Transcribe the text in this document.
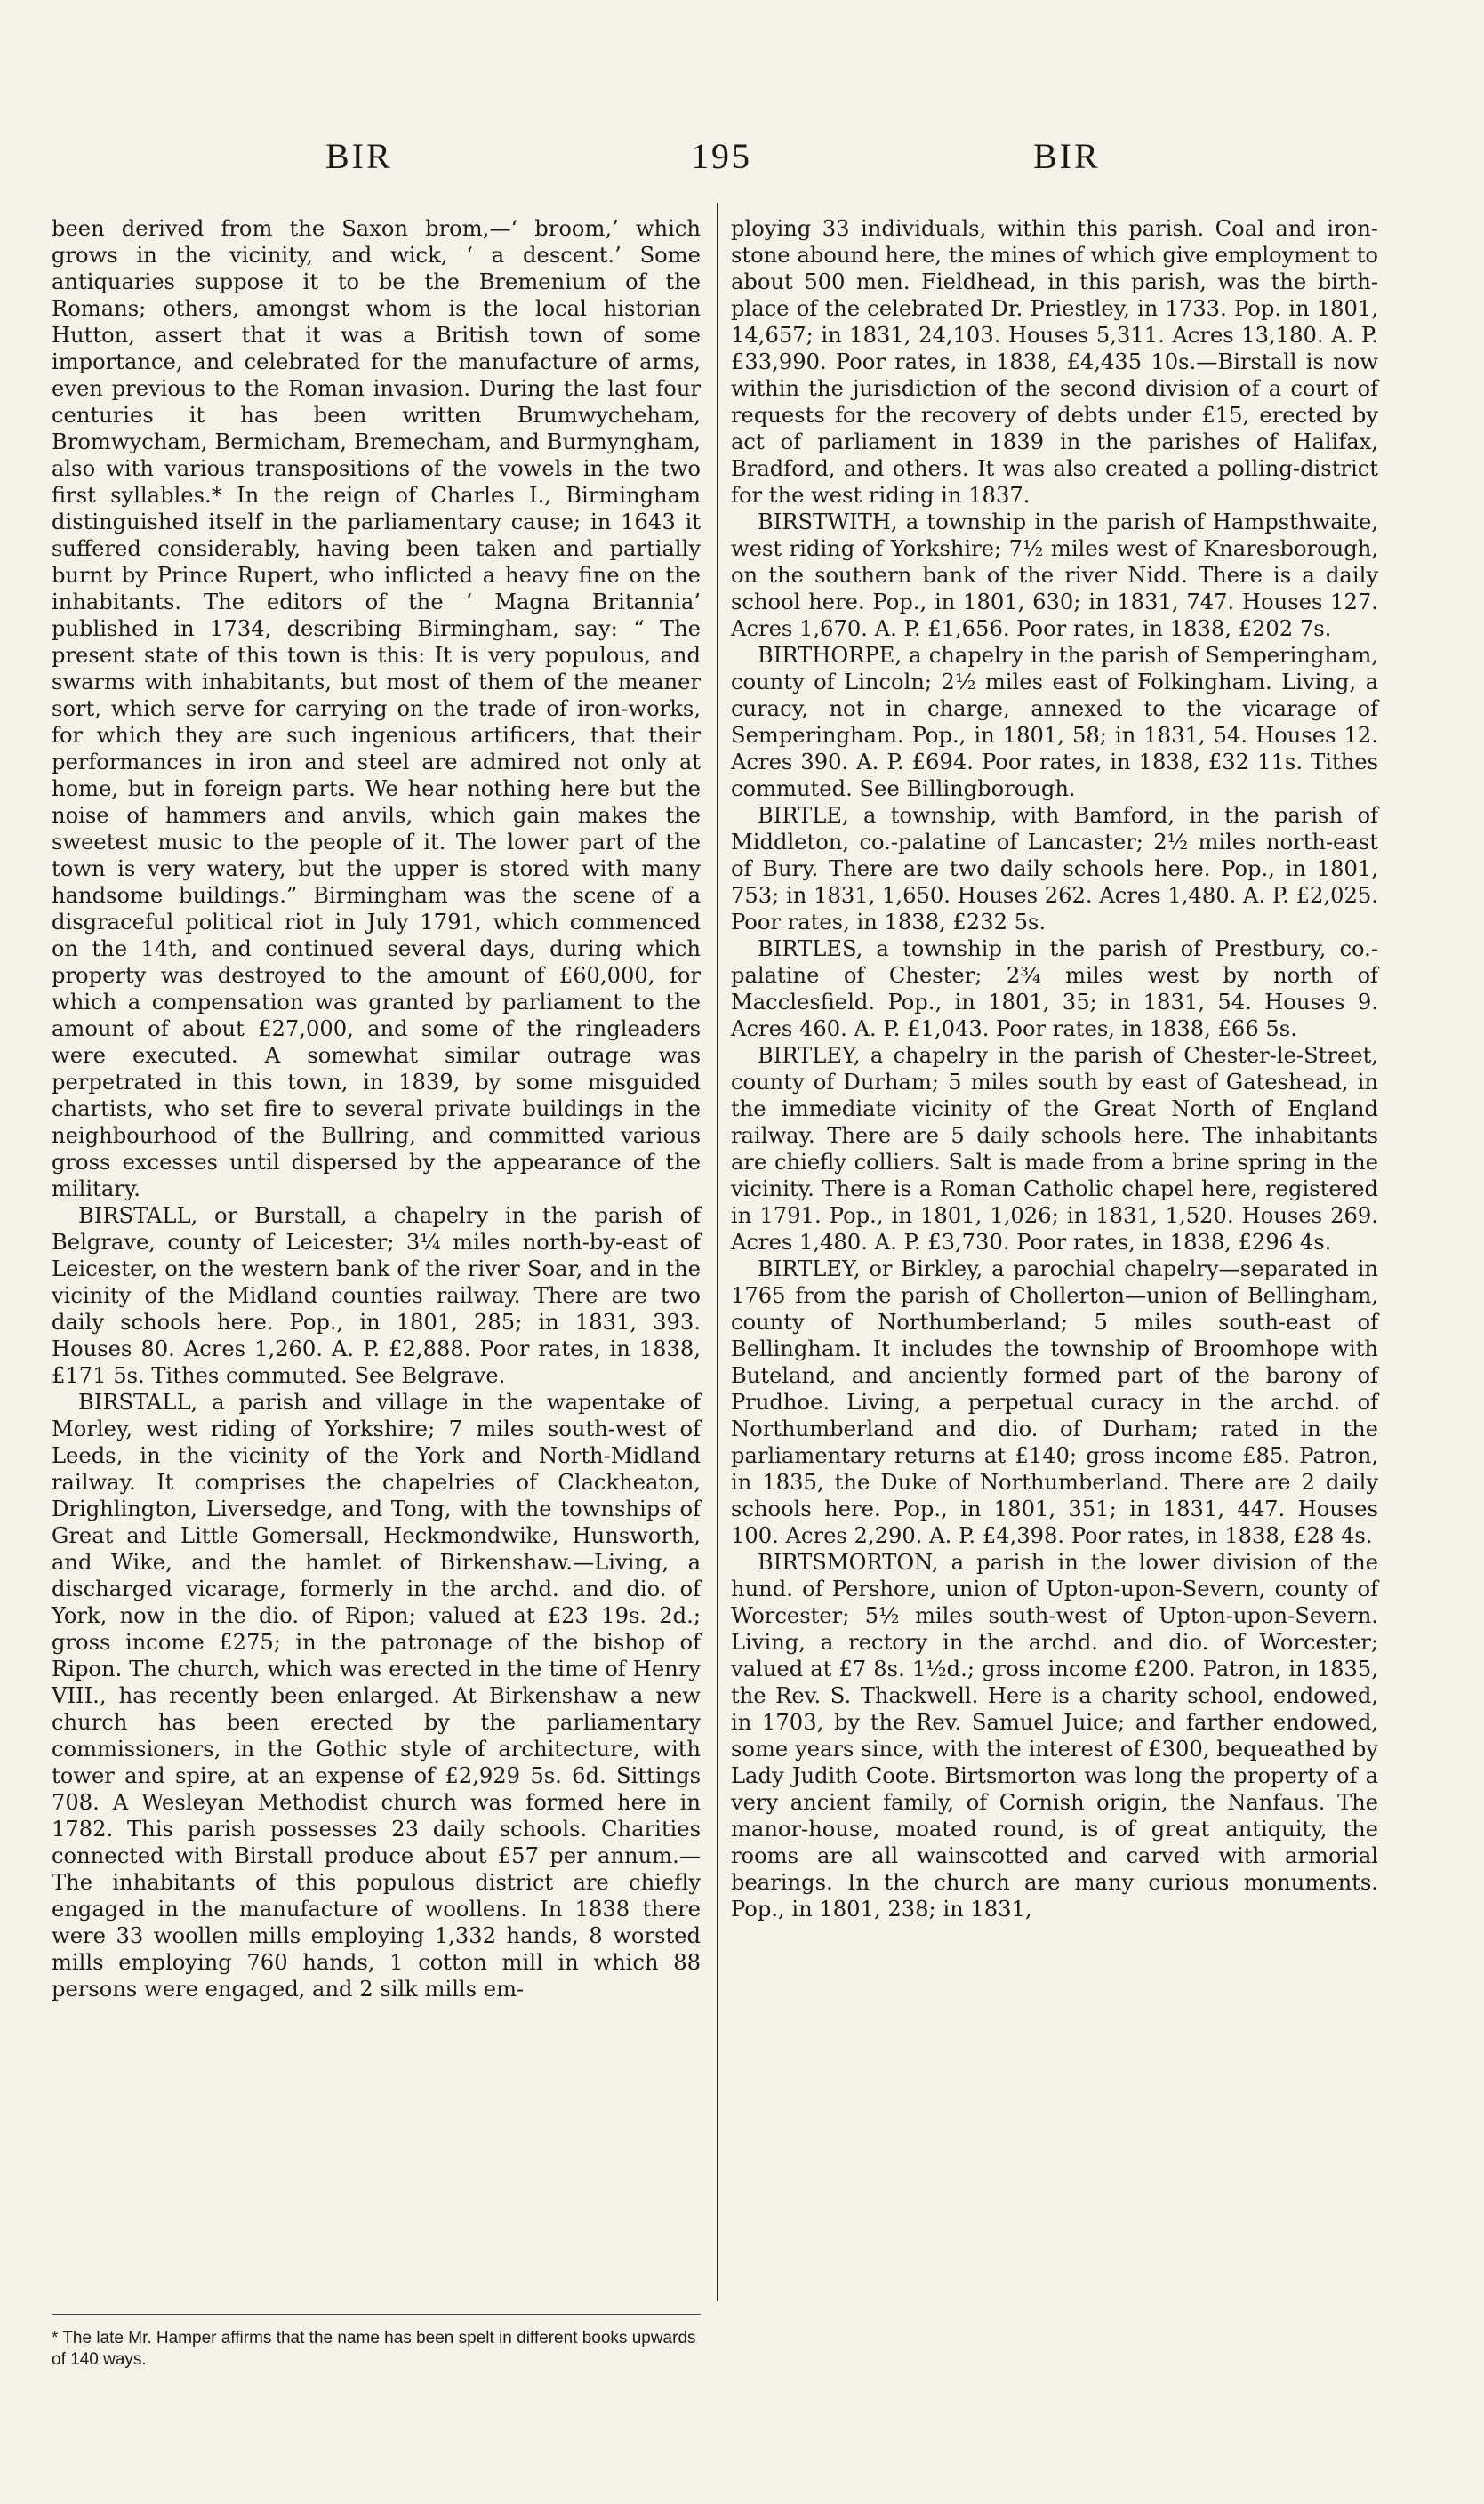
BIR	195	BIR

been derived from the Saxon brom,—‘ broom,’ which grows in the vicinity, and wick, ‘ a descent.’ Some antiquaries suppose it to be the Bremenium of the Romans; others, amongst whom is the local historian Hutton, assert that it was a British town of some importance, and celebrated for the manufacture of arms, even previous to the Roman invasion. During the last four centuries it has been written Brumwycheham, Bromwycham, Bermicham, Bremecham, and Burmyngham, also with various transpositions of the vowels in the two first syllables.* In the reign of Charles I., Birmingham distinguished itself in the parliamentary cause; in 1643 it suffered considerably, having been taken and partially burnt by Prince Rupert, who inflicted a heavy fine on the inhabitants. The editors of the ‘ Magna Britannia’ published in 1734, describing Birmingham, say: “ The present state of this town is this: It is very populous, and swarms with inhabitants, but most of them of the meaner sort, which serve for carrying on the trade of iron-works, for which they are such ingenious artificers, that their performances in iron and steel are admired not only at home, but in foreign parts. We hear nothing here but the noise of hammers and anvils, which gain makes the sweetest music to the people of it. The lower part of the town is very watery, but the upper is stored with many handsome buildings.” Birmingham was the scene of a disgraceful political riot in July 1791, which commenced on the 14th, and continued several days, during which property was destroyed to the amount of £60,000, for which a compensation was granted by parliament to the amount of about £27,000, and some of the ringleaders were executed. A somewhat similar outrage was perpetrated in this town, in 1839, by some misguided chartists, who set fire to several private buildings in the neighbourhood of the Bullring, and committed various gross excesses until dispersed by the appearance of the military.

BIRSTALL, or Burstall, a chapelry in the parish of Belgrave, county of Leicester; 3¼ miles north-by-east of Leicester, on the western bank of the river Soar, and in the vicinity of the Midland counties railway. There are two daily schools here. Pop., in 1801, 285; in 1831, 393. Houses 80. Acres 1,260. A. P. £2,888. Poor rates, in 1838, £171 5s. Tithes commuted. See Belgrave.

BIRSTALL, a parish and village in the wapentake of Morley, west riding of Yorkshire; 7 miles south-west of Leeds, in the vicinity of the York and North-Midland railway. It comprises the chapelries of Clackheaton, Drighlington, Liversedge, and Tong, with the townships of Great and Little Gomersall, Heckmondwike, Hunsworth, and Wike, and the hamlet of Birkenshaw.—Living, a discharged vicarage, formerly in the archd. and dio. of York, now in the dio. of Ripon; valued at £23 19s. 2d.; gross income £275; in the patronage of the bishop of Ripon. The church, which was erected in the time of Henry VIII., has recently been enlarged. At Birkenshaw a new church has been erected by the parliamentary commissioners, in the Gothic style of architecture, with tower and spire, at an expense of £2,929 5s. 6d. Sittings 708. A Wesleyan Methodist church was formed here in 1782. This parish possesses 23 daily schools. Charities connected with Birstall produce about £57 per annum.—The inhabitants of this populous district are chiefly engaged in the manufacture of woollens. In 1838 there were 33 woollen mills employing 1,332 hands, 8 worsted mills employing 760 hands, 1 cotton mill in which 88 persons were engaged, and 2 silk mills em-

ploying 33 individuals, within this parish. Coal and iron-stone abound here, the mines of which give employment to about 500 men. Fieldhead, in this parish, was the birth-place of the celebrated Dr. Priestley, in 1733. Pop. in 1801, 14,657; in 1831, 24,103. Houses 5,311. Acres 13,180. A. P. £33,990. Poor rates, in 1838, £4,435 10s.—Birstall is now within the jurisdiction of the second division of a court of requests for the recovery of debts under £15, erected by act of parliament in 1839 in the parishes of Halifax, Bradford, and others. It was also created a polling-district for the west riding in 1837.

BIRSTWITH, a township in the parish of Hampsthwaite, west riding of Yorkshire; 7½ miles west of Knaresborough, on the southern bank of the river Nidd. There is a daily school here. Pop., in 1801, 630; in 1831, 747. Houses 127. Acres 1,670. A. P. £1,656. Poor rates, in 1838, £202 7s.

BIRTHORPE, a chapelry in the parish of Semperingham, county of Lincoln; 2½ miles east of Folkingham. Living, a curacy, not in charge, annexed to the vicarage of Semperingham. Pop., in 1801, 58; in 1831, 54. Houses 12. Acres 390. A. P. £694. Poor rates, in 1838, £32 11s. Tithes commuted. See Billingborough.

BIRTLE, a township, with Bamford, in the parish of Middleton, co.-palatine of Lancaster; 2½ miles north-east of Bury. There are two daily schools here. Pop., in 1801, 753; in 1831, 1,650. Houses 262. Acres 1,480. A. P. £2,025. Poor rates, in 1838, £232 5s.

BIRTLES, a township in the parish of Prestbury, co.-palatine of Chester; 2¾ miles west by north of Macclesfield. Pop., in 1801, 35; in 1831, 54. Houses 9. Acres 460. A. P. £1,043. Poor rates, in 1838, £66 5s.

BIRTLEY, a chapelry in the parish of Chester-le-Street, county of Durham; 5 miles south by east of Gateshead, in the immediate vicinity of the Great North of England railway. There are 5 daily schools here. The inhabitants are chiefly colliers. Salt is made from a brine spring in the vicinity. There is a Roman Catholic chapel here, registered in 1791. Pop., in 1801, 1,026; in 1831, 1,520. Houses 269. Acres 1,480. A. P. £3,730. Poor rates, in 1838, £296 4s.

BIRTLEY, or Birkley, a parochial chapelry—separated in 1765 from the parish of Chollerton—union of Bellingham, county of Northumberland; 5 miles south-east of Bellingham. It includes the township of Broomhope with Buteland, and anciently formed part of the barony of Prudhoe. Living, a perpetual curacy in the archd. of Northumberland and dio. of Durham; rated in the parliamentary returns at £140; gross income £85. Patron, in 1835, the Duke of Northumberland. There are 2 daily schools here. Pop., in 1801, 351; in 1831, 447. Houses 100. Acres 2,290. A. P. £4,398. Poor rates, in 1838, £28 4s.

BIRTSMORTON, a parish in the lower division of the hund. of Pershore, union of Upton-upon-Severn, county of Worcester; 5½ miles south-west of Upton-upon-Severn. Living, a rectory in the archd. and dio. of Worcester; valued at £7 8s. 1½d.; gross income £200. Patron, in 1835, the Rev. S. Thackwell. Here is a charity school, endowed, in 1703, by the Rev. Samuel Juice; and farther endowed, some years since, with the interest of £300, bequeathed by Lady Judith Coote. Birtsmorton was long the property of a very ancient family, of Cornish origin, the Nanfaus. The manor-house, moated round, is of great antiquity, the rooms are all wainscotted and carved with armorial bearings. In the church are many curious monuments. Pop., in 1801, 238; in 1831,

* The late Mr. Hamper affirms that the name has been spelt in different books upwards of 140 ways.
